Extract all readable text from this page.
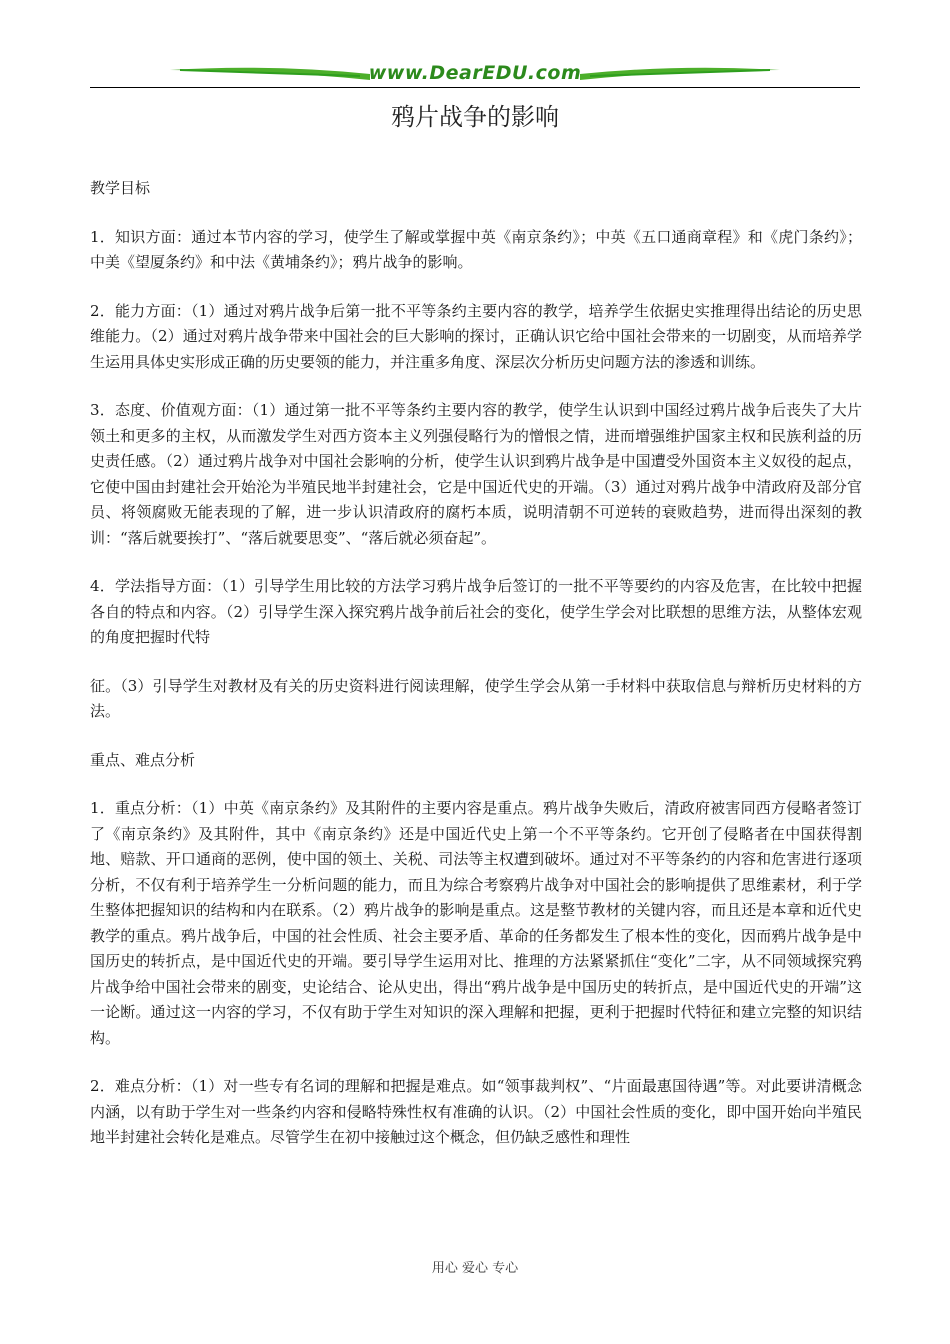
www.DearEDU.com
鸦片战争的影响

教学目标

1．知识方面：通过本节内容的学习，使学生了解或掌握中英《南京条约》；中英《五口通商章程》和《虎门条约》；中美《望厦条约》和中法《黄埔条约》；鸦片战争的影响。

2．能力方面：（1）通过对鸦片战争后第一批不平等条约主要内容的教学，培养学生依据史实推理得出结论的历史思维能力。（2）通过对鸦片战争带来中国社会的巨大影响的探讨，正确认识它给中国社会带来的一切剧变，从而培养学生运用具体史实形成正确的历史要领的能力，并注重多角度、深层次分析历史问题方法的渗透和训练。

3．态度、价值观方面：（1）通过第一批不平等条约主要内容的教学，使学生认识到中国经过鸦片战争后丧失了大片领土和更多的主权，从而激发学生对西方资本主义列强侵略行为的憎恨之情，进而增强维护国家主权和民族利益的历史责任感。（2）通过鸦片战争对中国社会影响的分析，使学生认识到鸦片战争是中国遭受外国资本主义奴役的起点，它使中国由封建社会开始沦为半殖民地半封建社会，它是中国近代史的开端。（3）通过对鸦片战争中清政府及部分官员、将领腐败无能表现的了解，进一步认识清政府的腐朽本质，说明清朝不可逆转的衰败趋势，进而得出深刻的教训：“落后就要挨打”、“落后就要思变”、“落后就必须奋起”。

4．学法指导方面：（1）引导学生用比较的方法学习鸦片战争后签订的一批不平等要约的内容及危害，在比较中把握各自的特点和内容。（2）引导学生深入探究鸦片战争前后社会的变化，使学生学会对比联想的思维方法，从整体宏观的角度把握时代特

征。（3）引导学生对教材及有关的历史资料进行阅读理解，使学生学会从第一手材料中获取信息与辩析历史材料的方法。

重点、难点分析

1．重点分析：（1）中英《南京条约》及其附件的主要内容是重点。鸦片战争失败后，清政府被害同西方侵略者签订了《南京条约》及其附件，其中《南京条约》还是中国近代史上第一个不平等条约。它开创了侵略者在中国获得割地、赔款、开口通商的恶例，使中国的领土、关税、司法等主权遭到破坏。通过对不平等条约的内容和危害进行逐项分析，不仅有利于培养学生一分析问题的能力，而且为综合考察鸦片战争对中国社会的影响提供了思维素材，利于学生整体把握知识的结构和内在联系。（2）鸦片战争的影响是重点。这是整节教材的关键内容，而且还是本章和近代史教学的重点。鸦片战争后，中国的社会性质、社会主要矛盾、革命的任务都发生了根本性的变化，因而鸦片战争是中国历史的转折点，是中国近代史的开端。要引导学生运用对比、推理的方法紧紧抓住“变化”二字，从不同领域探究鸦片战争给中国社会带来的剧变，史论结合、论从史出，得出“鸦片战争是中国历史的转折点，是中国近代史的开端”这一论断。通过这一内容的学习，不仅有助于学生对知识的深入理解和把握，更利于把握时代特征和建立完整的知识结构。

2．难点分析：（1）对一些专有名词的理解和把握是难点。如“领事裁判权”、“片面最惠国待遇”等。对此要讲清概念内涵，以有助于学生对一些条约内容和侵略特殊性权有准确的认识。（2）中国社会性质的变化，即中国开始向半殖民地半封建社会转化是难点。尽管学生在初中接触过这个概念，但仍缺乏感性和理性

用心 爱心 专心
